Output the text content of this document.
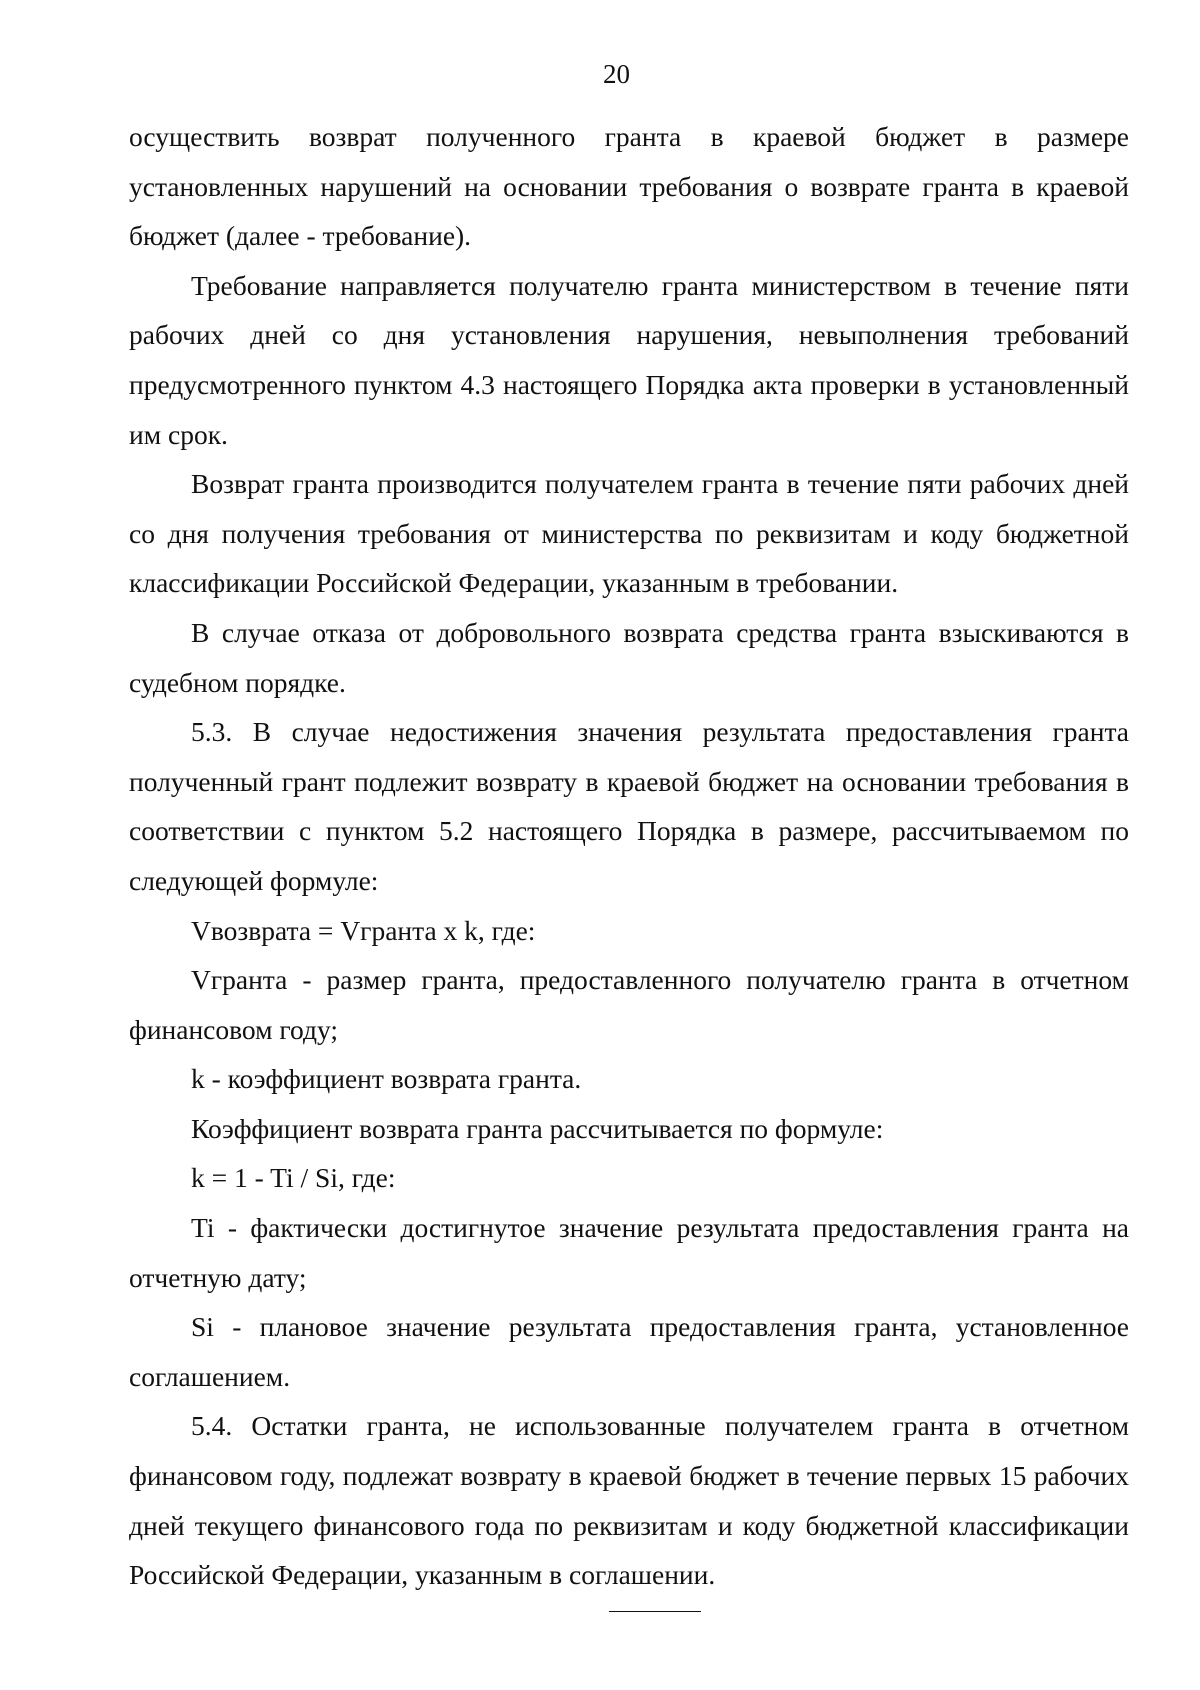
20

осуществить возврат полученного гранта в краевой бюджет в размере установленных нарушений на основании требования о возврате гранта в краевой бюджет (далее - требование).

Требование направляется получателю гранта министерством в течение пяти рабочих дней со дня установления нарушения, невыполнения требований предусмотренного пунктом 4.3 настоящего Порядка акта проверки в установленный им срок.

Возврат гранта производится получателем гранта в течение пяти рабочих дней со дня получения требования от министерства по реквизитам и коду бюджетной классификации Российской Федерации, указанным в требовании.

В случае отказа от добровольного возврата средства гранта взыскиваются в судебном порядке.

5.3. В случае недостижения значения результата предоставления гранта полученный грант подлежит возврату в краевой бюджет на основании требования в соответствии с пунктом 5.2 настоящего Порядка в размере, рассчитываемом по следующей формуле:

Vвозврата = Vгранта x k, где:

Vгранта - размер гранта, предоставленного получателю гранта в отчетном финансовом году;

k - коэффициент возврата гранта.

Коэффициент возврата гранта рассчитывается по формуле:

k = 1 - Ti / Si, где:

Ti - фактически достигнутое значение результата предоставления гранта на отчетную дату;

Si - плановое значение результата предоставления гранта, установленное соглашением.

5.4. Остатки гранта, не использованные получателем гранта в отчетном финансовом году, подлежат возврату в краевой бюджет в течение первых 15 рабочих дней текущего финансового года по реквизитам и коду бюджетной классификации Российской Федерации, указанным в соглашении.
